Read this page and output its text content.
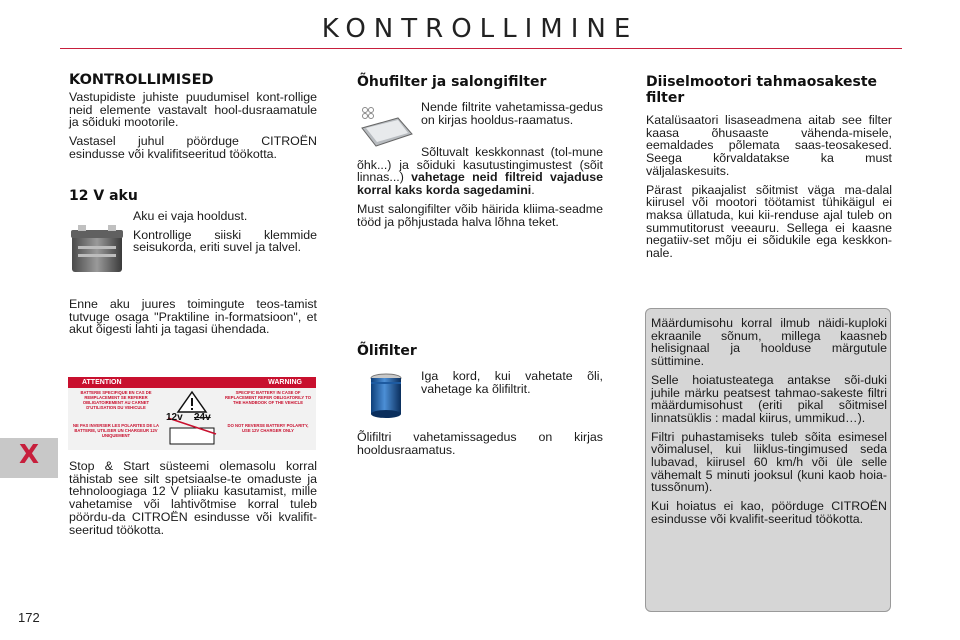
KONTROLLIMINE
X
172
KONTROLLIMISED

Vastupidiste juhiste puudumisel kont-rollige neid elemente vastavalt hool-dusraamatule ja sõiduki mootorile.

Vastasel juhul pöörduge CITROËN esindusse või kvalifitseeritud töökotta.

12 V aku

Aku ei vaja hooldust.

Kontrollige siiski klemmide seisukorda, eriti suvel ja talvel.

Enne aku juures toimingute teos-tamist tutvuge osaga "Praktiline in-formatsioon", et akut õigesti lahti ja tagasi ühendada.

ATTENTION	WARNING
BATTERIE SPECIFIQUE EN CAS DE REMPLACEMENT SE REFERER OBLIGATOIREMENT AU CARNET D'UTILISATION DU VEHICULE
SPECIFIC BATTERY IN CASE OF REPLACEMENT REFER OBLIGATORILY TO THE HANDBOOK OF THE VEHICLE
NE PAS INVERSER LES POLARITES DE LA BATTERIE, UTILISER UN CHARGEUR 12V UNIQUEMENT
DO NOT REVERSE BATTERY POLARITY, USE 12V CHARGER ONLY
12v 24v

Stop & Start süsteemi olemasolu korral tähistab see silt spetsiaalse-te omaduste ja tehnoloogiaga 12 V pliiaku kasutamist, mille vahetamise või lahtivõtmise korral tuleb pöördu-da CITROËN esindusse või kvalifit-seeritud töökotta.

Õhufilter ja salongifilter

Nende filtrite vahetamissa-gedus on kirjas hooldus-raamatus.

Sõltuvalt keskkonnast (tol-mune õhk...) ja sõiduki kasutustingimustest (sõit linnas...) vahetage neid filtreid vajaduse korral kaks korda sagedamini.

Must salongifilter võib häirida kliima-seadme tööd ja põhjustada halva lõhna teket.

Õlifilter

Iga kord, kui vahetate õli, vahetage ka õlifiltrit.

Õlifiltri vahetamissagedus on kirjas hooldusraamatus.

Diiselmootori tahmaosakeste filter

Katalüsaatori lisaseadmena aitab see filter kaasa õhusaaste vähenda-misele, eemaldades põlemata saas-teosakesed. Seega kõrvaldatakse ka must väljalaskesuits.

Pärast pikaajalist sõitmist väga ma-dalal kiirusel või mootori töötamist tühikäigul ei maksa üllatuda, kui kii-renduse ajal tuleb on summutitorust veeauru. Sellega ei kaasne negatiiv-set mõju ei sõidukile ega keskkon-nale.

Määrdumisohu korral ilmub näidi-kuploki ekraanile sõnum, millega kaasneb helisignaal ja hoolduse märgutule süttimine.

Selle hoiatusteatega antakse sõi-duki juhile märku peatsest tahmao-sakeste filtri määrdumisohust (eriti pikal sõitmisel linnatsüklis : madal kiirus, ummikud…).

Filtri puhastamiseks tuleb sõita esimesel võimalusel, kui liiklus-tingimused seda lubavad, kiirusel 60 km/h või üle selle vähemalt 5 minuti jooksul (kuni kaob hoia-tussõnum).

Kui hoiatus ei kao, pöörduge CITROËN esindusse või kvalifit-seeritud töökotta.
